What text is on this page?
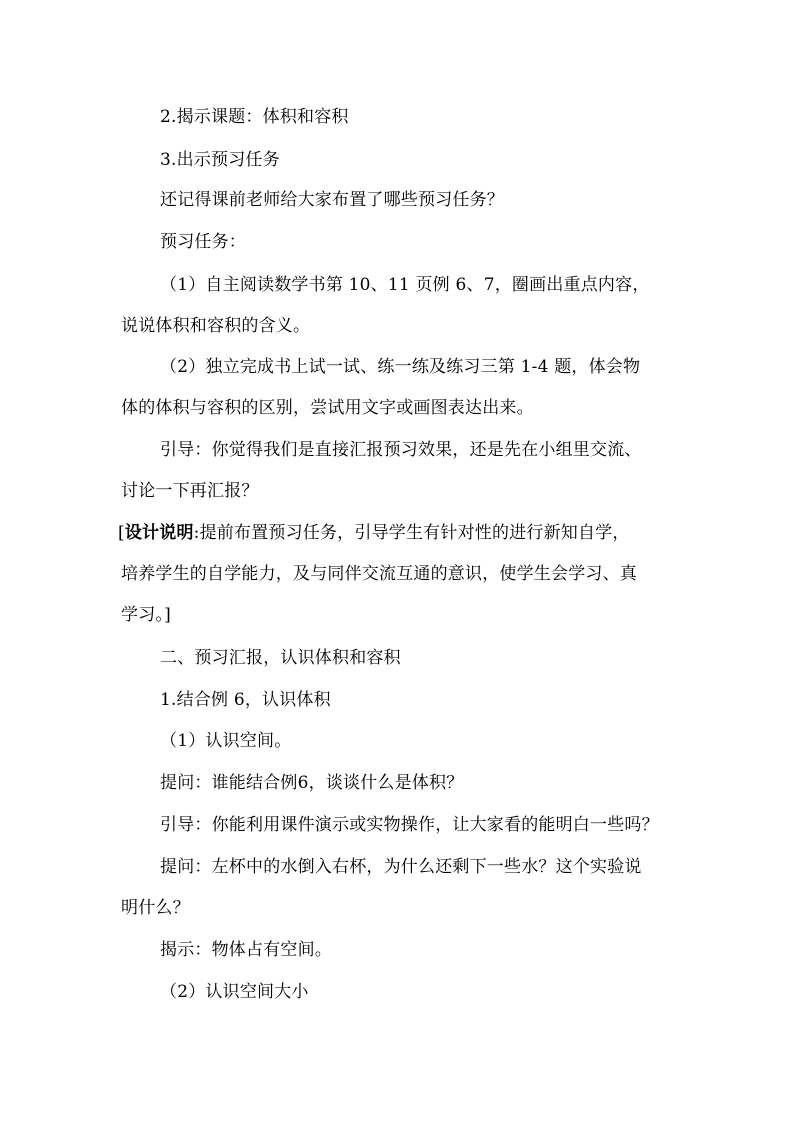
2.揭示课题：体积和容积
3.出示预习任务
还记得课前老师给大家布置了哪些预习任务？
预习任务：
（1）自主阅读数学书第 10、11 页例 6、7，圈画出重点内容，
说说体积和容积的含义。
（2）独立完成书上试一试、练一练及练习三第 1-4 题，体会物
体的体积与容积的区别，尝试用文字或画图表达出来。
引导：你觉得我们是直接汇报预习效果，还是先在小组里交流、
讨论一下再汇报？
[设计说明:提前布置预习任务，引导学生有针对性的进行新知自学，
培养学生的自学能力，及与同伴交流互通的意识，使学生会学习、真
学习。]
二、预习汇报，认识体积和容积
1.结合例 6，认识体积
（1）认识空间。
提问：谁能结合例6，谈谈什么是体积？
引导：你能利用课件演示或实物操作，让大家看的能明白一些吗？
提问：左杯中的水倒入右杯，为什么还剩下一些水？这个实验说
明什么？
揭示：物体占有空间。
（2）认识空间大小
